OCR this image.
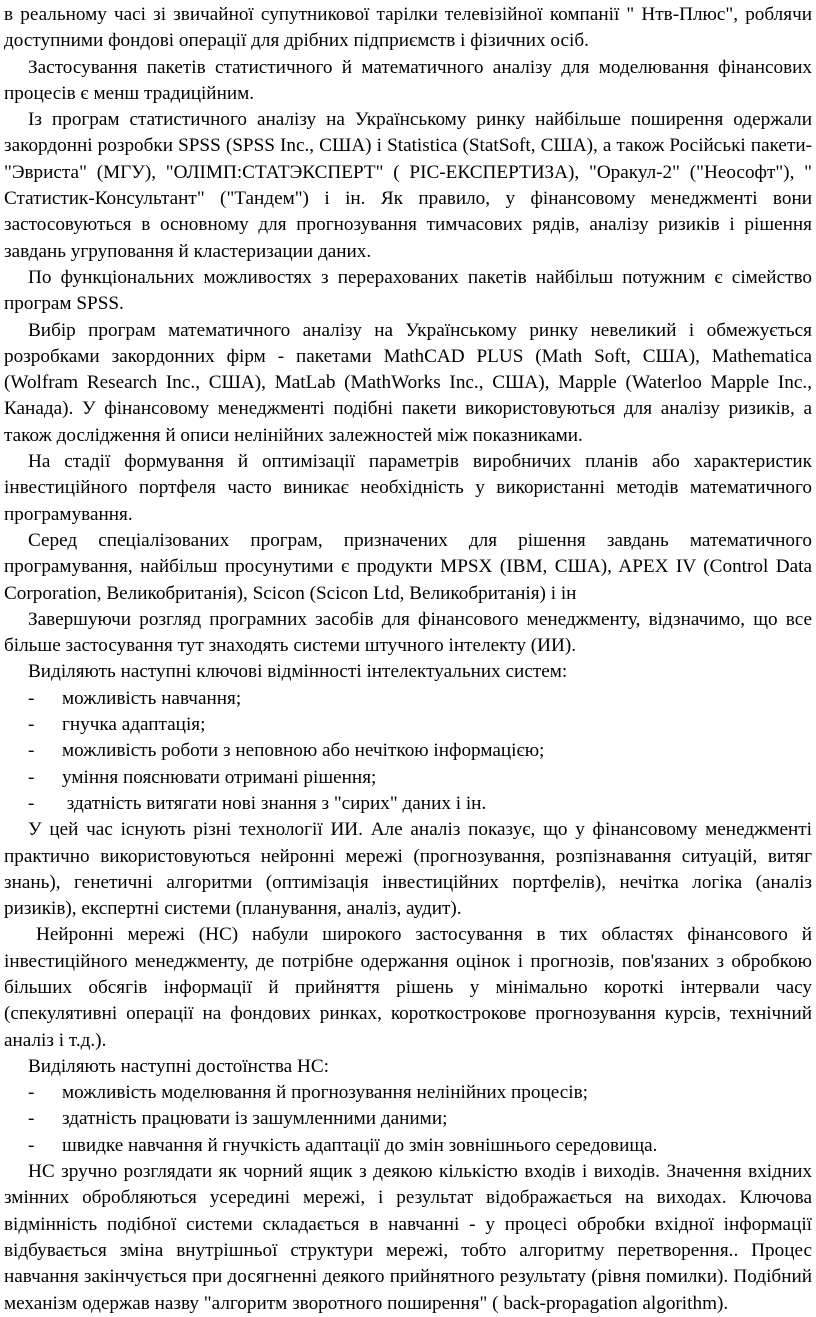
в реальному часі зі звичайної супутникової тарілки телевізійної компанії " Нтв-Плюс", роблячи доступними фондові операції для дрібних підприємств і фізичних осіб.

Застосування пакетів статистичного й математичного аналізу для моделювання фінансових процесів є менш традиційним.

Із програм статистичного аналізу на Українському ринку найбільше поширення одержали закордонні розробки SPSS (SPSS Inc., США) і Statistica (StatSoft, США), а також Російські пакети- "Эвриста" (МГУ), "ОЛІМП:СТАТЭКСПЕРТ" ( РІС-ЕКСПЕРТИЗА), "Оракул-2" ("Неософт"), " Статистик-Консультант" ("Тандем") і ін. Як правило, у фінансовому менеджменті вони застосовуються в основному для прогнозування тимчасових рядів, аналізу ризиків і рішення завдань угруповання й кластеризации даних.

По функціональних можливостях з перерахованих пакетів найбільш потужним є сімейство програм SPSS.

Вибір програм математичного аналізу на Українському ринку невеликий і обмежується розробками закордонних фірм - пакетами MathCAD PLUS (Math Soft, США), Mathematica (Wolfram Research Inc., США), MatLab (MathWorks Inc., США), Mapple (Waterloo Mapple Inc., Канада). У фінансовому менеджменті подібні пакети використовуються для аналізу ризиків, а також дослідження й описи нелінійних залежностей між показниками.

На стадії формування й оптимізації параметрів виробничих планів або характеристик інвестиційного портфеля часто виникає необхідність у використанні методів математичного програмування.

Серед спеціалізованих програм, призначених для рішення завдань математичного програмування, найбільш просунутими є продукти MPSX (IBM, США), APEX IV (Control Data Corporation, Великобританія), Scicon (Scicon Ltd, Великобританія) і ін

Завершуючи розгляд програмних засобів для фінансового менеджменту, відзначимо, що все більше застосування тут знаходять системи штучного інтелекту (ИИ).

Виділяють наступні ключові відмінності інтелектуальних систем:

- можливість навчання;
- гнучка адаптація;
- можливість роботи з неповною або нечіткою інформацією;
- уміння пояснювати отримані рішення;
- здатність витягати нові знання з "сирих" даних і ін.

У цей час існують різні технології ИИ. Але аналіз показує, що у фінансовому менеджменті практично використовуються нейронні мережі (прогнозування, розпізнавання ситуацій, витяг знань), генетичні алгоритми (оптимізація інвестиційних портфелів), нечітка логіка (аналіз ризиків), експертні системи (планування, аналіз, аудит).

Нейронні мережі (НС) набули широкого застосування в тих областях фінансового й інвестиційного менеджменту, де потрібне одержання оцінок і прогнозів, пов'язаних з обробкою більших обсягів інформації й прийняття рішень у мінімально короткі інтервали часу (спекулятивні операції на фондових ринках, короткострокове прогнозування курсів, технічний аналіз і т.д.).

Виділяють наступні достоїнства НС:

- можливість моделювання й прогнозування нелінійних процесів;
- здатність працювати із зашумленними даними;
- швидке навчання й гнучкість адаптації до змін зовнішнього середовища.

НС зручно розглядати як чорний ящик з деякою кількістю входів і виходів. Значення вхідних змінних обробляються усередині мережі, і результат відображається на виходах. Ключова відмінність подібної системи складається в навчанні - у процесі обробки вхідної інформації відбувається зміна внутрішньої структури мережі, тобто алгоритму перетворення.. Процес навчання закінчується при досягненні деякого прийнятного результату (рівня помилки). Подібний механізм одержав назву "алгоритм зворотного поширення" ( back-propagation algorithm).
